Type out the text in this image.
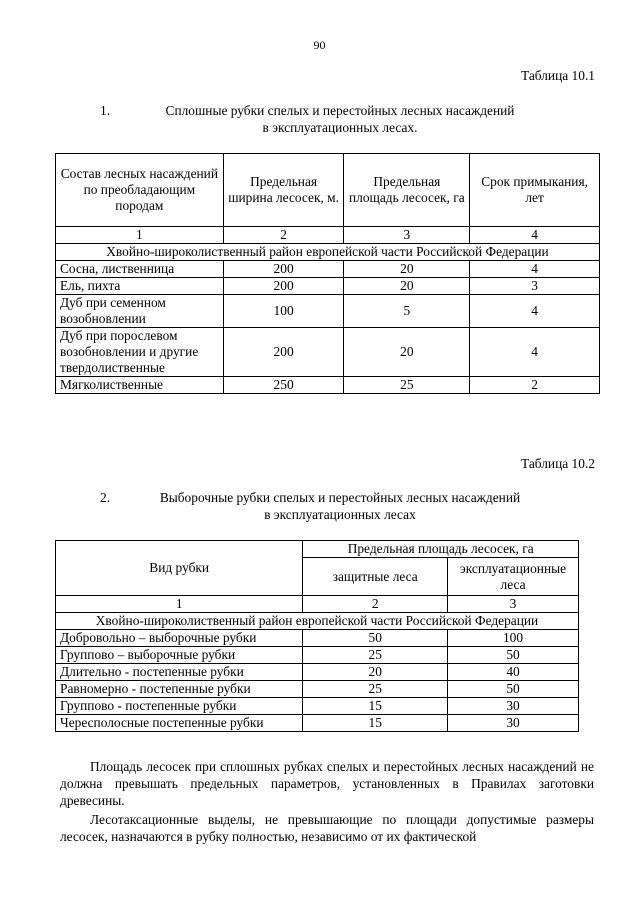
90
Таблица 10.1
1.	Сплошные рубки спелых и перестойных лесных насаждений
в эксплуатационных лесах.
Состав лесных насаждений по преобладающим породам	Предельная ширина лесосек, м.	Предельная площадь лесосек, га	Срок примыкания, лет
1	2	3	4
Хвойно-широколиственный район европейской части Российской Федерации			
Сосна, лиственница	200	20	4
Ель, пихта	200	20	3
Дуб при семенном возобновлении	100	5	4
Дуб при порослевом возобновлении и другие твердолиственные	200	20	4
Мягколиственные	250	25	2
Таблица 10.2
2.	Выборочные рубки спелых и перестойных лесных насаждений
в эксплуатационных лесах
Вид рубки	Предельная площадь лесосек, га	
	защитные леса	эксплуатационные леса
1	2	3
Хвойно-широколиственный район европейской части Российской Федерации		
Добровольно – выборочные рубки	50	100
Групповo – выборочные рубки	25	50
Длительно - постепенные рубки	20	40
Равномерно - постепенные рубки	25	50
Группово - постепенные рубки	15	30
Чересполосные постепенные рубки	15	30

Площадь лесосек при сплошных рубках спелых и перестойных лесных насаждений не должна превышать предельных параметров, установленных в Правилах заготовки древесины.

Лесотаксационные выделы, не превышающие по площади допустимые размеры лесосек, назначаются в рубку полностью, независимо от их фактической
